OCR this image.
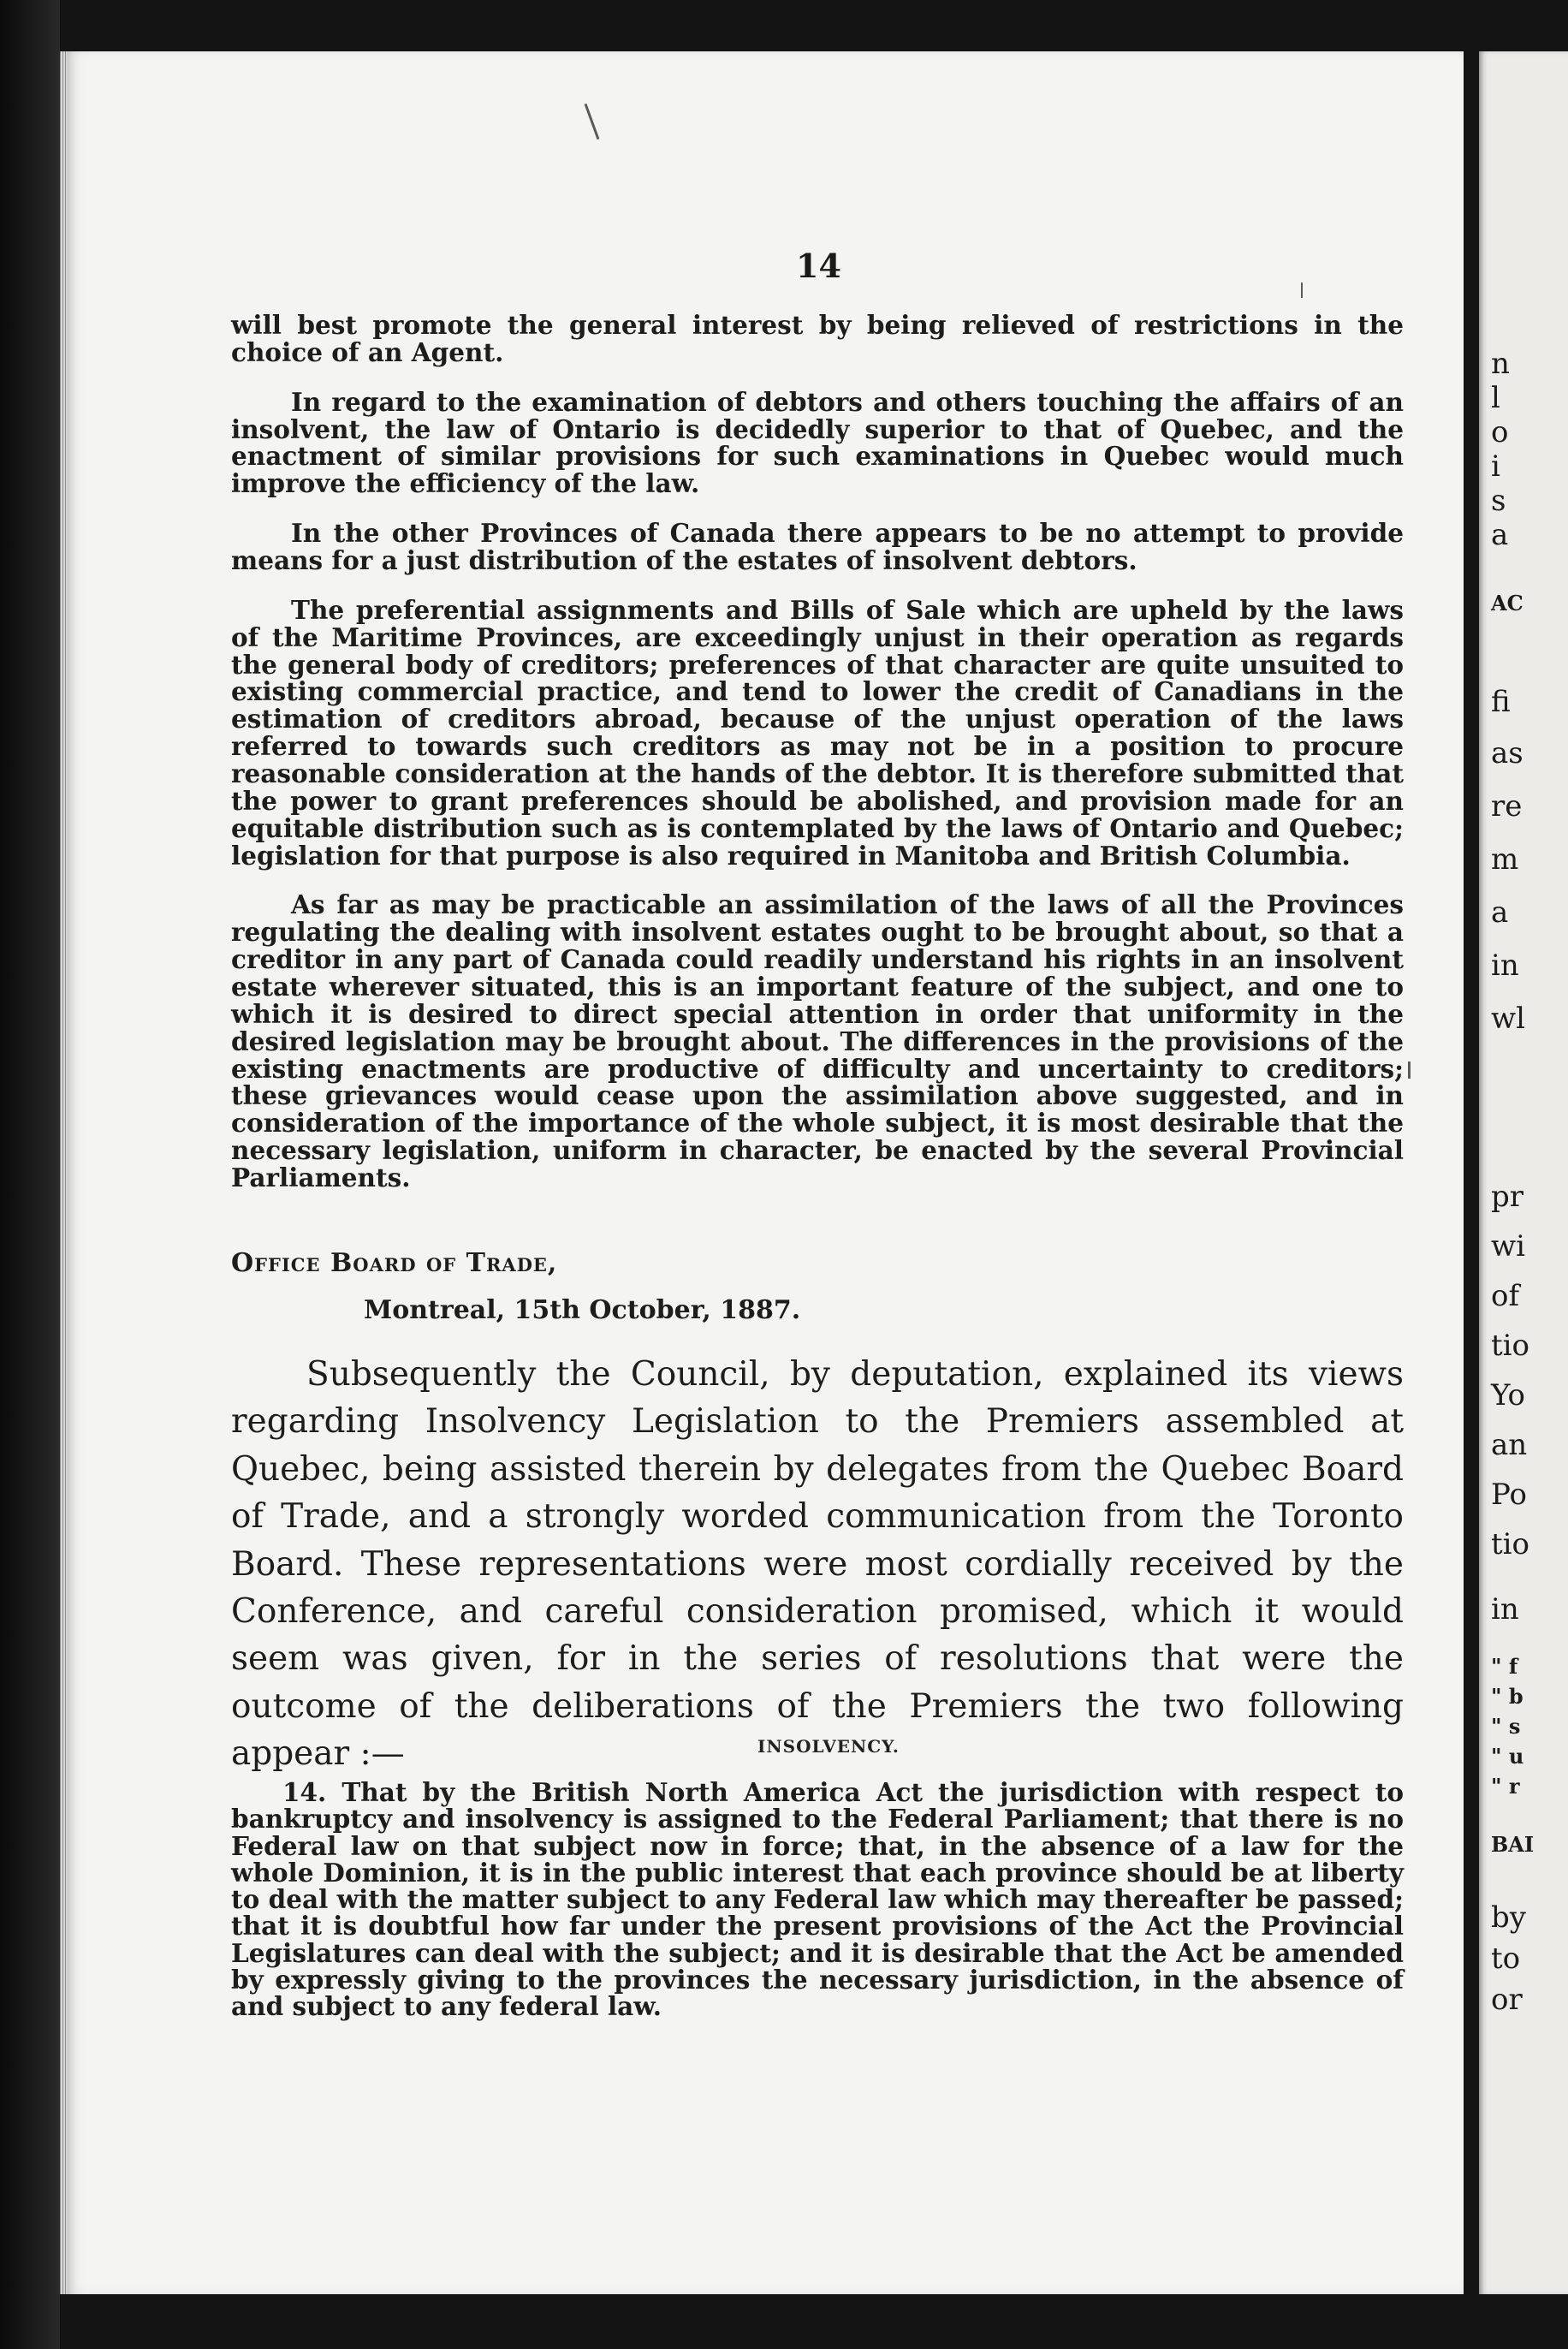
14

will best promote the general interest by being relieved of restrictions in the choice of an Agent.

In regard to the examination of debtors and others touching the affairs of an insolvent, the law of Ontario is decidedly superior to that of Quebec, and the enactment of similar provisions for such examinations in Quebec would much improve the efficiency of the law.

In the other Provinces of Canada there appears to be no attempt to provide means for a just distribution of the estates of insolvent debtors.

The preferential assignments and Bills of Sale which are upheld by the laws of the Maritime Provinces, are exceedingly unjust in their operation as regards the general body of creditors; preferences of that character are quite unsuited to existing commercial practice, and tend to lower the credit of Canadians in the estimation of creditors abroad, because of the unjust operation of the laws referred to towards such creditors as may not be in a position to procure reasonable consideration at the hands of the debtor. It is therefore submitted that the power to grant preferences should be abolished, and provision made for an equitable distribution such as is contemplated by the laws of Ontario and Quebec; legislation for that purpose is also required in Manitoba and British Columbia.

As far as may be practicable an assimilation of the laws of all the Provinces regulating the dealing with insolvent estates ought to be brought about, so that a creditor in any part of Canada could readily understand his rights in an insolvent estate wherever situated, this is an important feature of the subject, and one to which it is desired to direct special attention in order that uniformity in the desired legislation may be brought about. The differences in the provisions of the existing enactments are productive of difficulty and uncertainty to creditors; these grievances would cease upon the assimilation above suggested, and in consideration of the importance of the whole subject, it is most desirable that the necessary legislation, uniform in character, be enacted by the several Provincial Parliaments.

Office Board of Trade,
Montreal, 15th October, 1887.

Subsequently the Council, by deputation, explained its views regarding Insolvency Legislation to the Premiers assembled at Quebec, being assisted therein by delegates from the Quebec Board of Trade, and a strongly worded communication from the Toronto Board. These representations were most cordially received by the Conference, and careful consideration promised, which it would seem was given, for in the series of resolutions that were the outcome of the deliberations of the Premiers the two following appear :—	INSOLVENCY.

14. That by the British North America Act the jurisdiction with respect to bankruptcy and insolvency is assigned to the Federal Parliament; that there is no Federal law on that subject now in force; that, in the absence of a law for the whole Dominion, it is in the public interest that each province should be at liberty to deal with the matter subject to any Federal law which may thereafter be passed; that it is doubtful how far under the present provisions of the Act the Provincial Legislatures can deal with the subject; and it is desirable that the Act be amended by expressly giving to the provinces the necessary jurisdiction, in the absence of and subject to any federal law.

n
l
o
i
s
a
AC
fi
as
re
m
a
in
wl
pr
wi
of
tio
Yo
an
Po
tio
in
" f
" b
" s
" u
" r
BAI
by
to
or
